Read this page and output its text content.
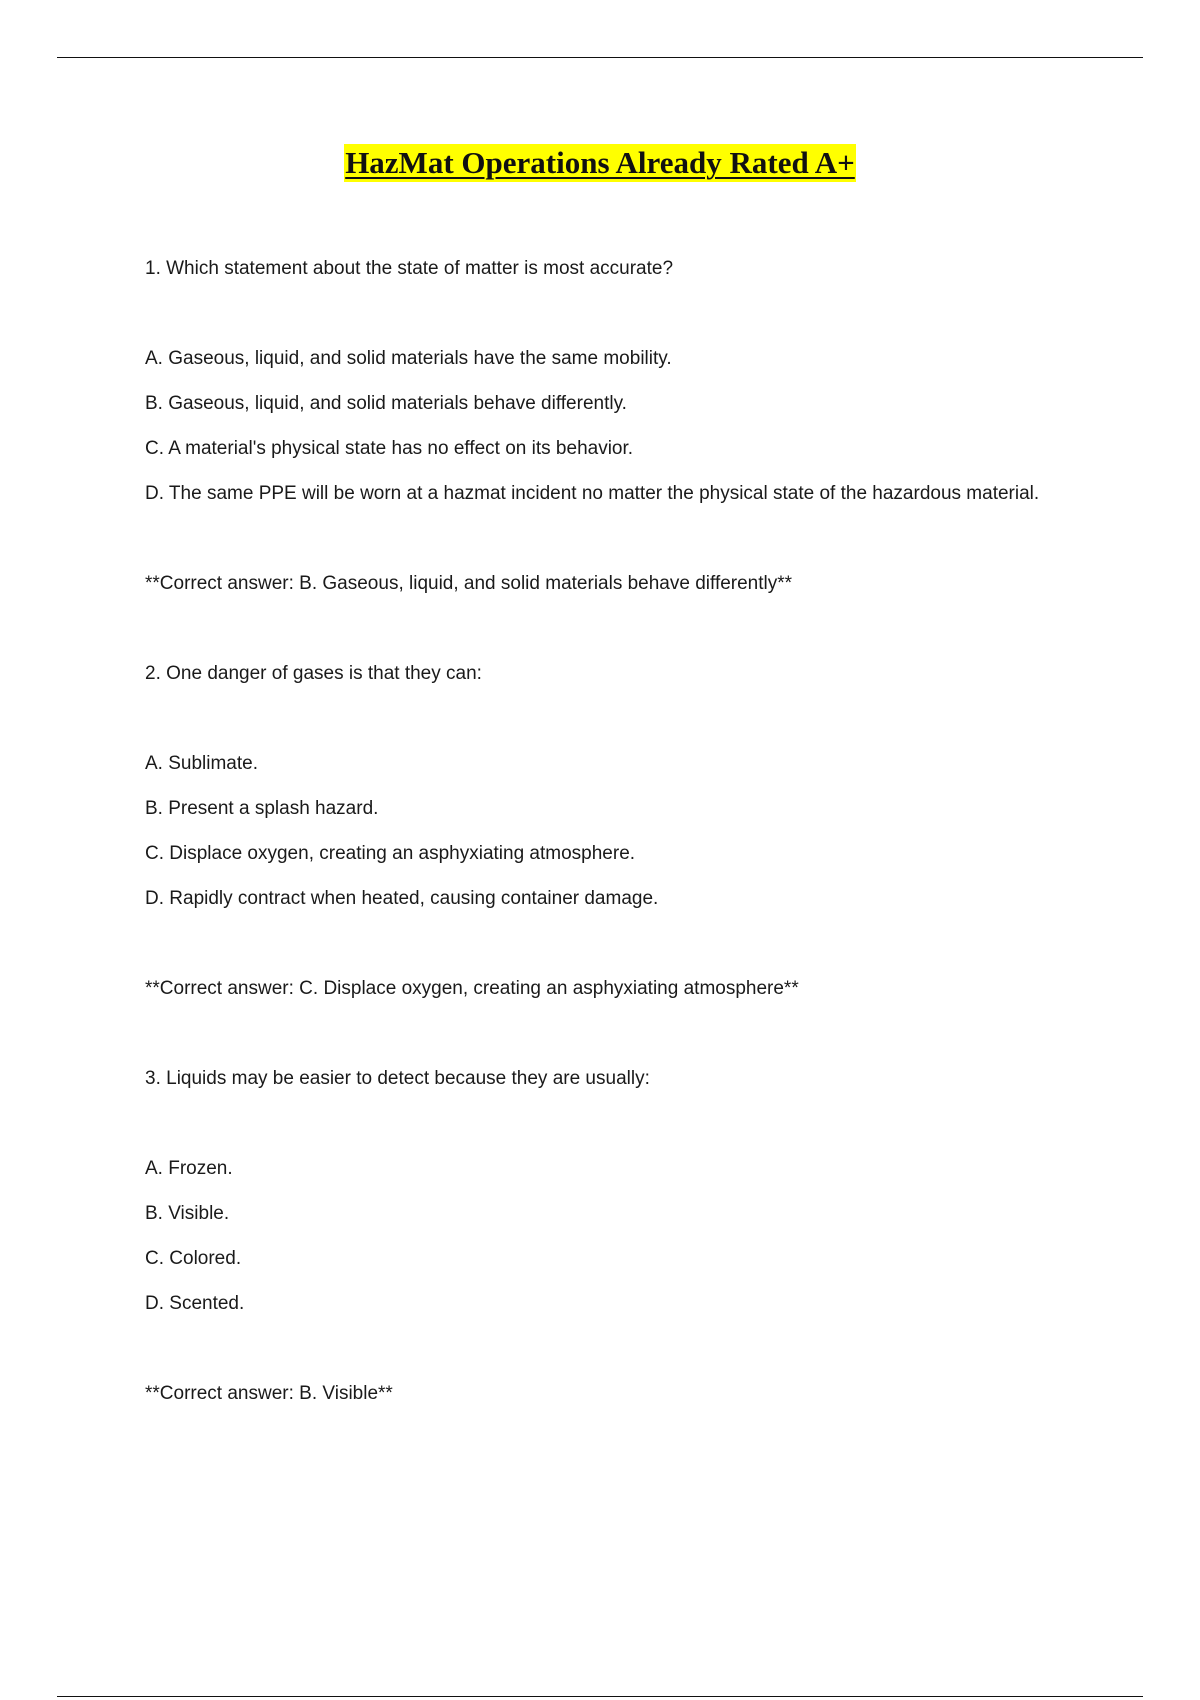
HazMat Operations Already Rated A+

1. Which statement about the state of matter is most accurate?

A. Gaseous, liquid, and solid materials have the same mobility.

B. Gaseous, liquid, and solid materials behave differently.

C. A material's physical state has no effect on its behavior.

D. The same PPE will be worn at a hazmat incident no matter the physical state of the hazardous material.

**Correct answer: B. Gaseous, liquid, and solid materials behave differently**

2. One danger of gases is that they can:

A. Sublimate.

B. Present a splash hazard.

C. Displace oxygen, creating an asphyxiating atmosphere.

D. Rapidly contract when heated, causing container damage.

**Correct answer: C. Displace oxygen, creating an asphyxiating atmosphere**

3. Liquids may be easier to detect because they are usually:

A. Frozen.

B. Visible.

C. Colored.

D. Scented.

**Correct answer: B. Visible**
